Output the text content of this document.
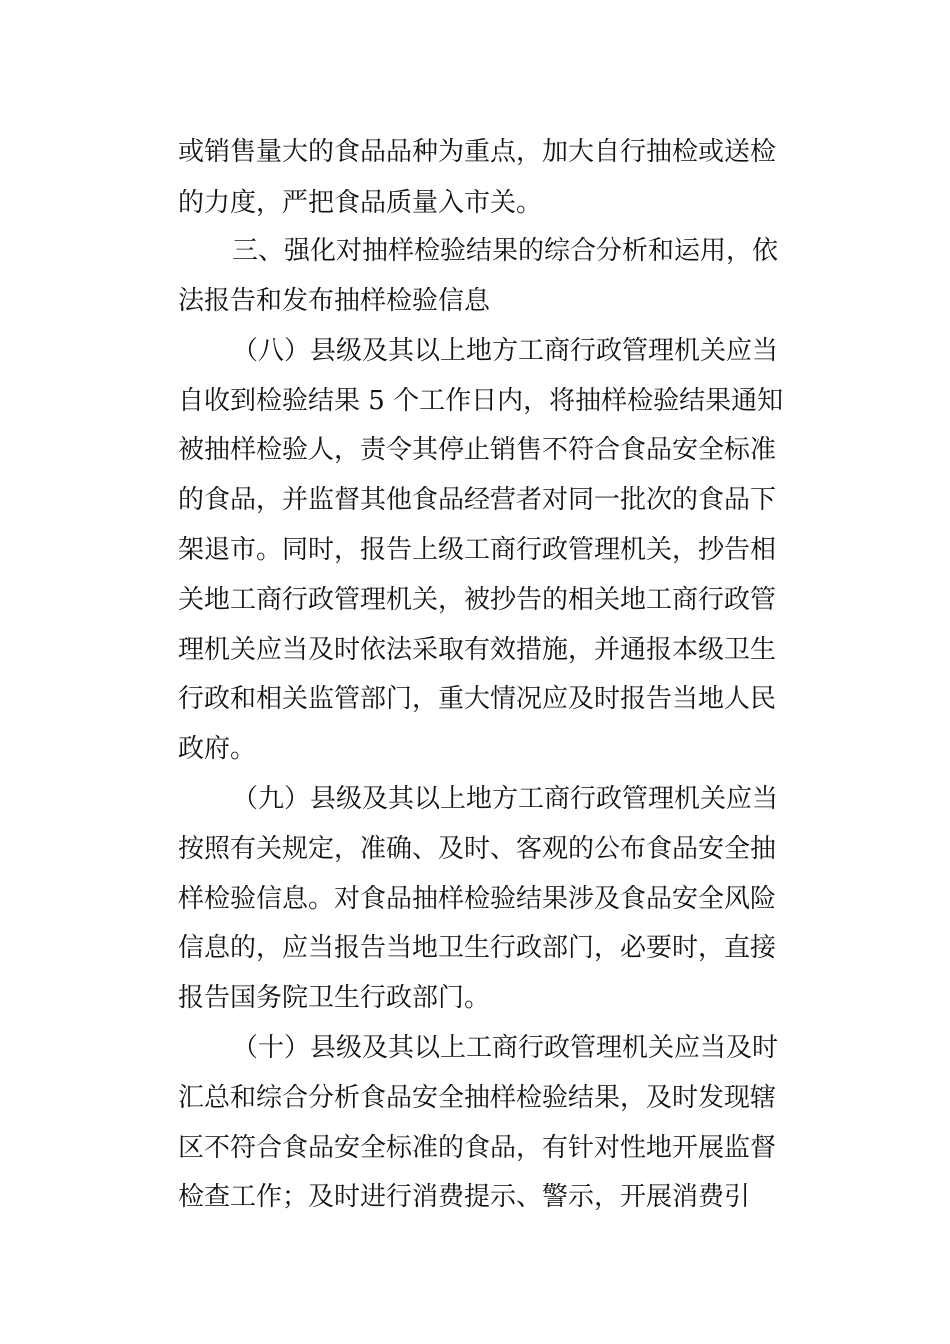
或销售量大的食品品种为重点，加大自行抽检或送检
的力度，严把食品质量入市关。
三、强化对抽样检验结果的综合分析和运用，依
法报告和发布抽样检验信息
（八）县级及其以上地方工商行政管理机关应当
自收到检验结果 5 个工作日内，将抽样检验结果通知
被抽样检验人，责令其停止销售不符合食品安全标准
的食品，并监督其他食品经营者对同一批次的食品下
架退市。同时，报告上级工商行政管理机关，抄告相
关地工商行政管理机关，被抄告的相关地工商行政管
理机关应当及时依法采取有效措施，并通报本级卫生
行政和相关监管部门，重大情况应及时报告当地人民
政府。
（九）县级及其以上地方工商行政管理机关应当
按照有关规定，准确、及时、客观的公布食品安全抽
样检验信息。对食品抽样检验结果涉及食品安全风险
信息的，应当报告当地卫生行政部门，必要时，直接
报告国务院卫生行政部门。
（十）县级及其以上工商行政管理机关应当及时
汇总和综合分析食品安全抽样检验结果，及时发现辖
区不符合食品安全标准的食品，有针对性地开展监督
检查工作；及时进行消费提示、警示，开展消费引
